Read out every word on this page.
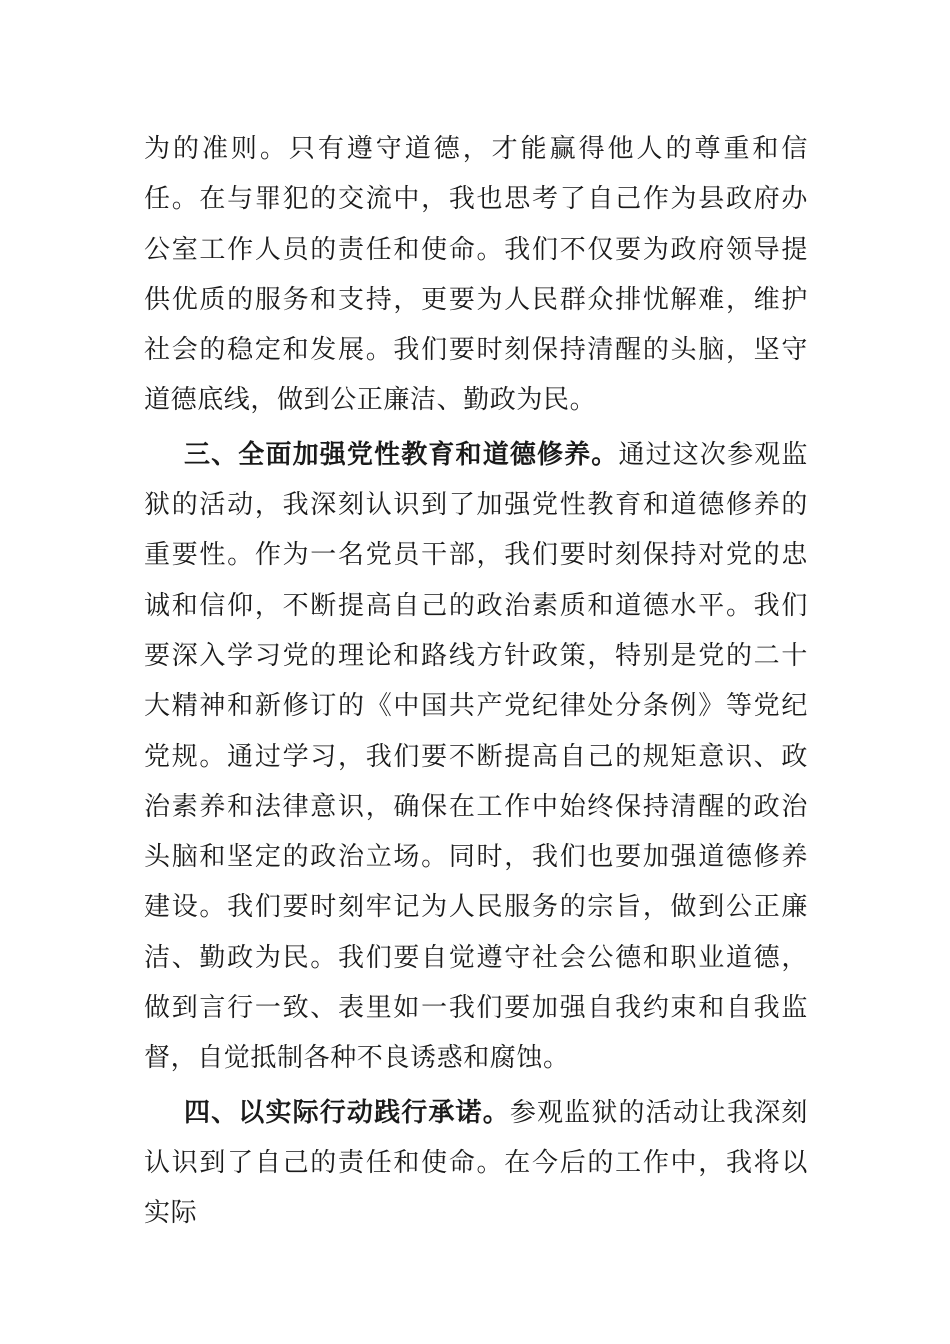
为的准则。只有遵守道德，才能赢得他人的尊重和信任。在与罪犯的交流中，我也思考了自己作为县政府办公室工作人员的责任和使命。我们不仅要为政府领导提供优质的服务和支持，更要为人民群众排忧解难，维护社会的稳定和发展。我们要时刻保持清醒的头脑，坚守道德底线，做到公正廉洁、勤政为民。

三、全面加强党性教育和道德修养。通过这次参观监狱的活动，我深刻认识到了加强党性教育和道德修养的重要性。作为一名党员干部，我们要时刻保持对党的忠诚和信仰，不断提高自己的政治素质和道德水平。我们要深入学习党的理论和路线方针政策，特别是党的二十大精神和新修订的《中国共产党纪律处分条例》等党纪党规。通过学习，我们要不断提高自己的规矩意识、政治素养和法律意识，确保在工作中始终保持清醒的政治头脑和坚定的政治立场。同时，我们也要加强道德修养建设。我们要时刻牢记为人民服务的宗旨，做到公正廉洁、勤政为民。我们要自觉遵守社会公德和职业道德，做到言行一致、表里如一我们要加强自我约束和自我监督，自觉抵制各种不良诱惑和腐蚀。

四、以实际行动践行承诺。参观监狱的活动让我深刻认识到了自己的责任和使命。在今后的工作中，我将以实际
